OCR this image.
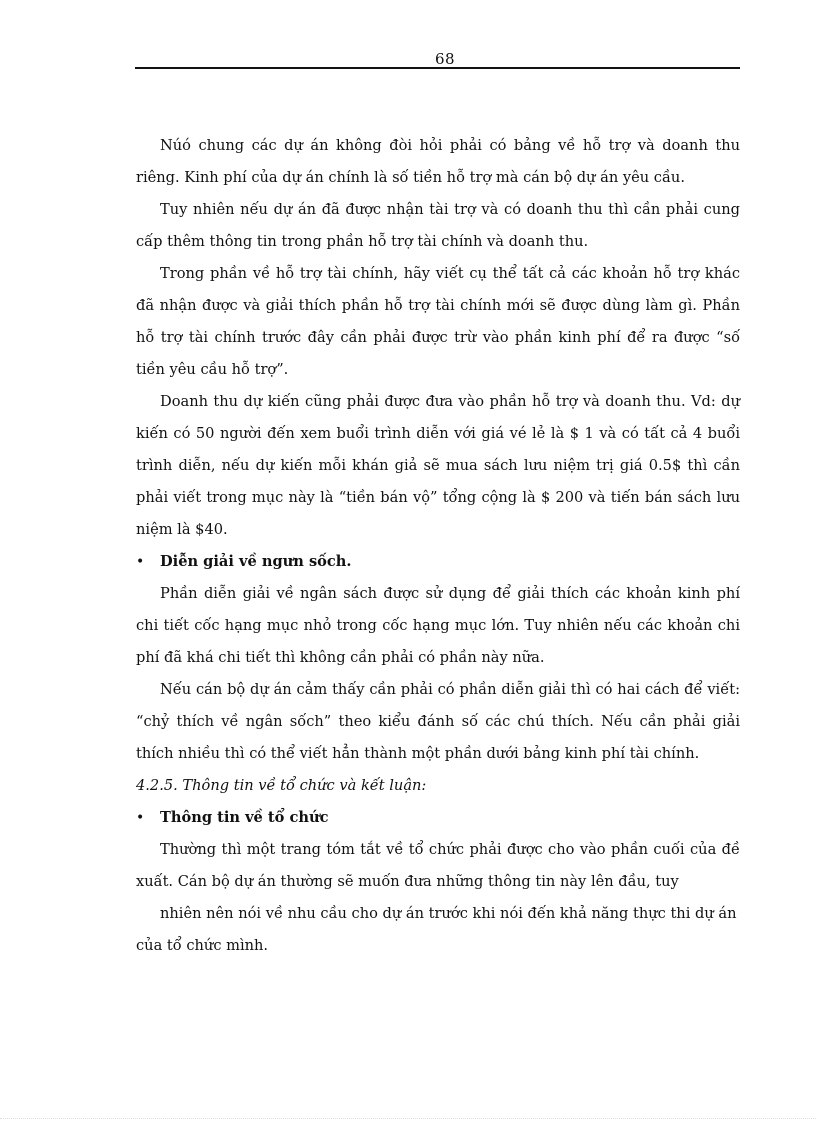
68

Núó chung các dự án không đòi hỏi phải có bảng về hỗ trợ và doanh thu riêng. Kinh phí của dự án chính là số tiền hỗ trợ mà cán bộ dự án yêu cầu.

Tuy nhiên nếu dự án đã được nhận tài trợ và có doanh thu thì cần phải cung cấp thêm thông tin trong phần hỗ trợ tài chính và doanh thu.

Trong phần về hỗ trợ tài chính, hãy viết cụ thể tất cả các khoản hỗ trợ khác đã nhận được và giải thích phần hỗ trợ tài chính mới sẽ được dùng làm gì. Phần hỗ trợ tài chính trước đây cần phải được trừ vào phần kinh phí để ra được “số tiền yêu cầu hỗ trợ”.

Doanh thu dự kiến cũng phải được đưa vào phần hỗ trợ và doanh thu. Vd: dự kiến có 50 người đến xem buổi trình diễn với giá vé lẻ là $ 1 và có tất cả 4 buổi trình diễn, nếu dự kiến mỗi khán giả sẽ mua sách lưu niệm trị giá 0.5$ thì cần phải viết trong mục này là “tiền bán vộ” tổng cộng là $ 200 và tiến bán sách lưu niệm là $40.

•	Diễn giải về ngưn sốch.

Phần diễn giải về ngân sách được sử dụng để giải thích các khoản kinh phí chi tiết cốc hạng mục nhỏ trong cốc hạng mục lớn. Tuy nhiên nếu các khoản chi phí đã khá chi tiết thì không cần phải có phần này nữa.

Nếu cán bộ dự án cảm thấy cần phải có phần diễn giải thì có hai cách để viết: “chỷ thích về ngân sốch” theo kiểu đánh số các chú thích. Nếu cần phải giải thích nhiều thì có thể viết hẳn thành một phần dưới bảng kinh phí tài chính.

4.2.5. Thông tin về tổ chức và kết luận:

•	Thông tin về tổ chức

Thường thì một trang tóm tắt về tổ chức phải được cho vào phần cuối của đề xuất. Cán bộ dự án thường sẽ muốn đưa những thông tin này lên đầu, tuy

nhiên nên nói về nhu cầu cho dự án trước khi nói đến khả năng thực thi dự án của tổ chức mình.
